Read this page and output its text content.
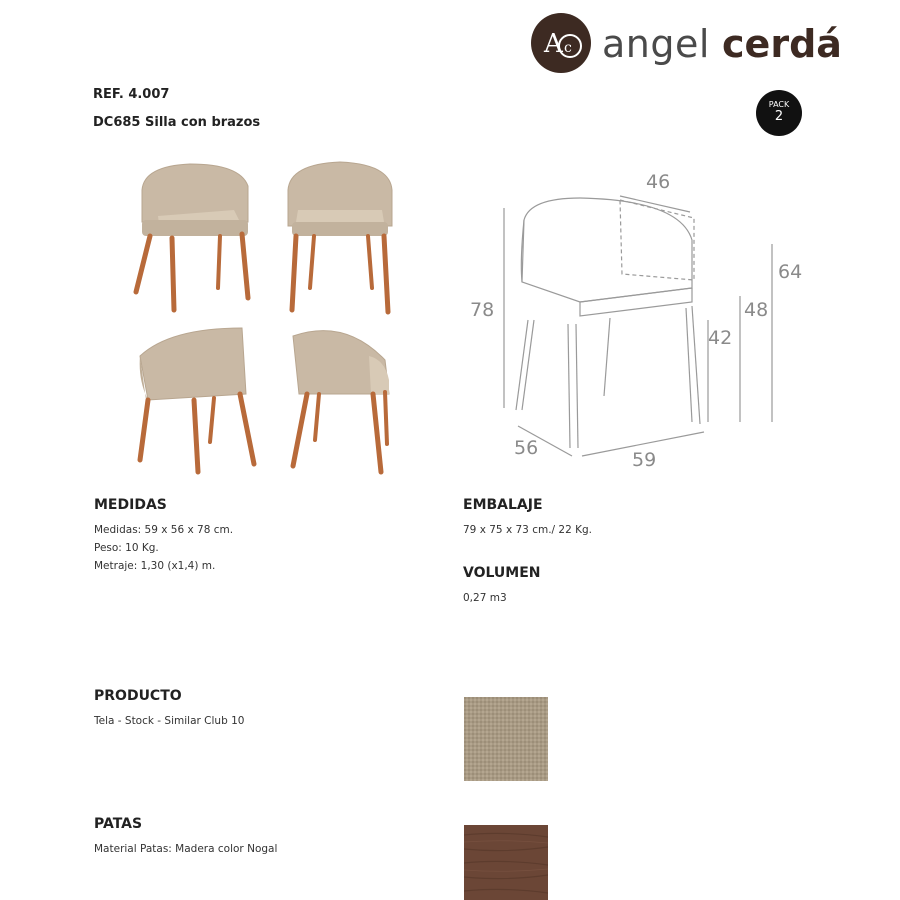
A c angel cerdá
PACK
2
REF. 4.007
DC685 Silla con brazos
46
78
64
48
42
56
59
MEDIDAS
Medidas: 59 x 56 x 78 cm.
Peso: 10 Kg.
Metraje: 1,30 (x1,4) m.
EMBALAJE
79 x 75 x 73 cm./ 22 Kg.
VOLUMEN
0,27 m3
PRODUCTO
Tela - Stock - Similar Club 10
PATAS
Material Patas: Madera color Nogal
